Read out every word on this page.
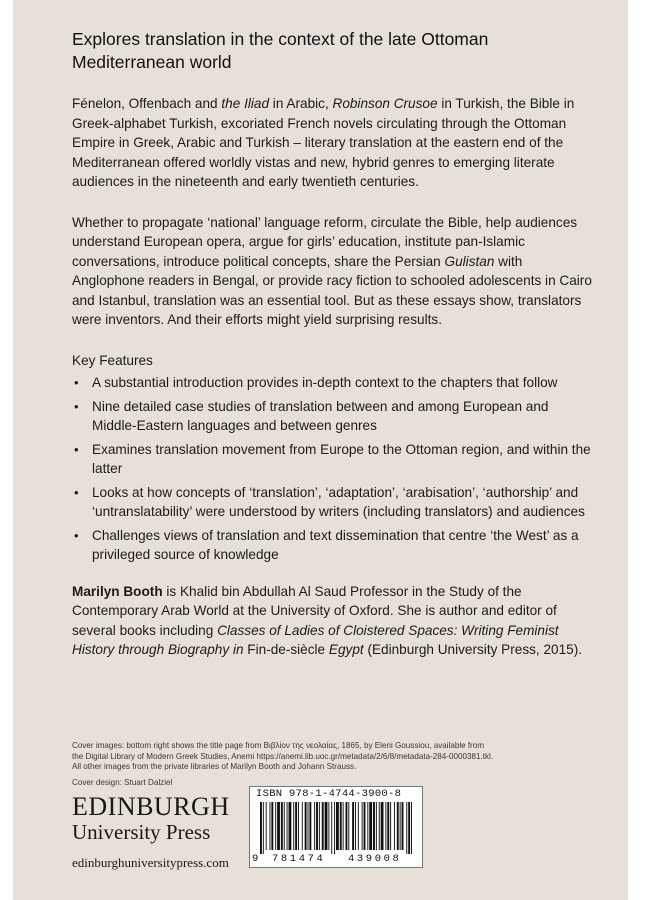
Explores translation in the context of the late Ottoman Mediterranean world

Fénelon, Offenbach and the Iliad in Arabic, Robinson Crusoe in Turkish, the Bible in Greek-alphabet Turkish, excoriated French novels circulating through the Ottoman Empire in Greek, Arabic and Turkish – literary translation at the eastern end of the Mediterranean offered worldly vistas and new, hybrid genres to emerging literate audiences in the nineteenth and early twentieth centuries.

Whether to propagate ‘national’ language reform, circulate the Bible, help audiences understand European opera, argue for girls’ education, institute pan-Islamic conversations, introduce political concepts, share the Persian Gulistan with Anglophone readers in Bengal, or provide racy fiction to schooled adolescents in Cairo and Istanbul, translation was an essential tool. But as these essays show, translators were inventors. And their efforts might yield surprising results.

Key Features
• A substantial introduction provides in-depth context to the chapters that follow
• Nine detailed case studies of translation between and among European and Middle-Eastern languages and between genres
• Examines translation movement from Europe to the Ottoman region, and within the latter
• Looks at how concepts of ‘translation’, ‘adaptation’, ‘arabisation’, ‘authorship’ and ‘untranslatability’ were understood by writers (including translators) and audiences
• Challenges views of translation and text dissemination that centre ‘the West’ as a privileged source of knowledge

Marilyn Booth is Khalid bin Abdullah Al Saud Professor in the Study of the Contemporary Arab World at the University of Oxford. She is author and editor of several books including Classes of Ladies of Cloistered Spaces: Writing Feminist History through Biography in Fin-de-siècle Egypt (Edinburgh University Press, 2015).

Cover images: bottom right shows the title page from Βιβλίον της νεολαίας, 1865, by Eleni Goussiou, available from

the Digital Library of Modern Greek Studies, Anemi https://anemi.lib.uoc.gr/metadata/2/6/8/metadata-284-0000381.tkl.

All other images from the private libraries of Marilyn Booth and Johann Strauss.

Cover design: Stuart Dalziel

EDINBURGH
University Press
edinburghuniversitypress.com
ISBN 978-1-4744-3900-8
9 781474 439008
